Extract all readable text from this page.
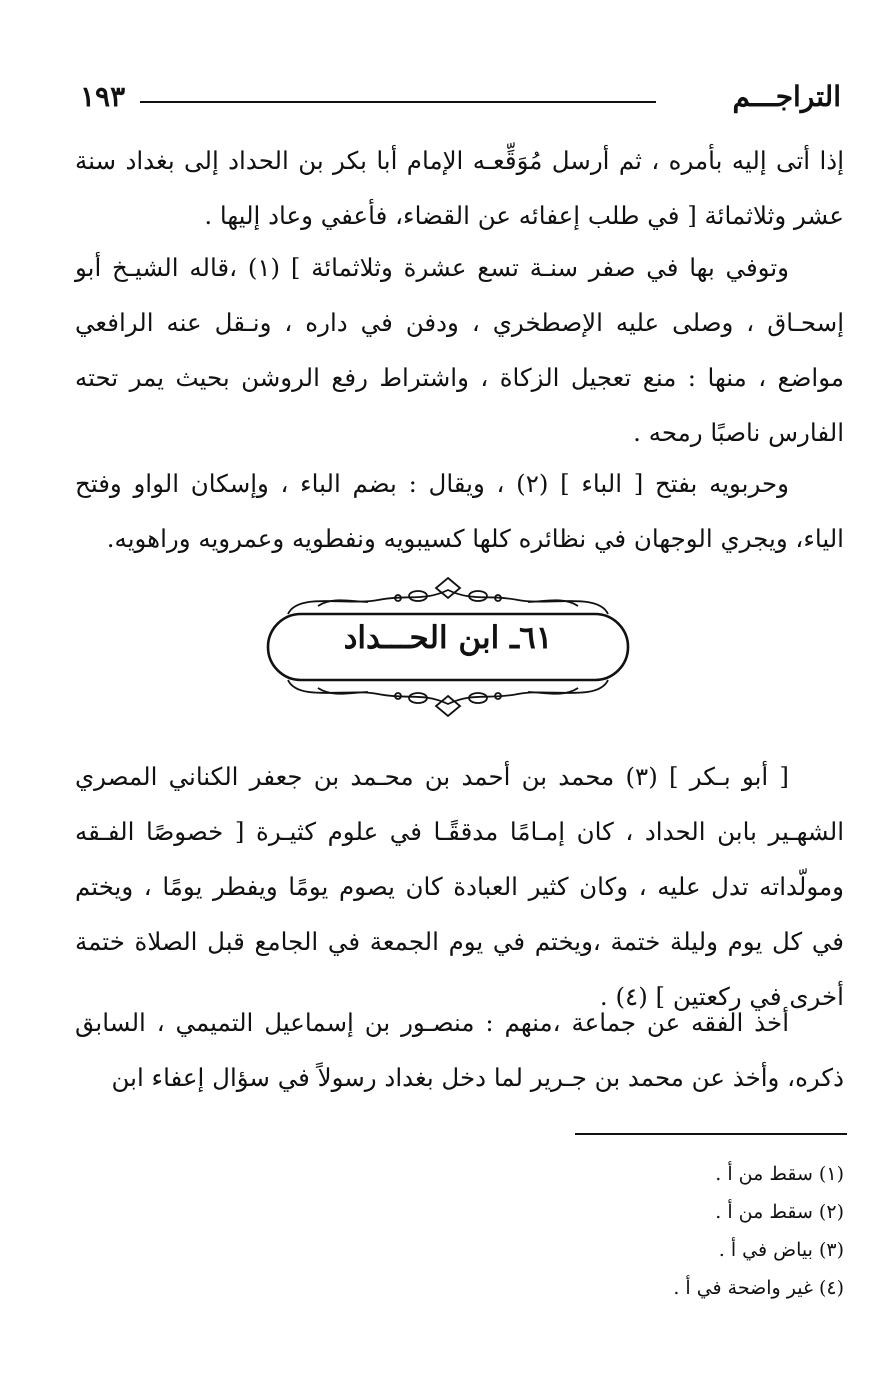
التراجـــم
١٩٣

إذا أتى إليه بأمره ، ثم أرسل مُوَقِّعـه الإمام أبا بكر بن الحداد إلى بغداد سنة عشر وثلاثمائة [ في طلب إعفائه عن القضاء، فأعفي وعاد إليها .

وتوفي بها في صفر سنـة تسع عشرة وثلاثمائة ] (١) ،قاله الشيـخ أبو إسحـاق ، وصلى عليه الإصطخري ، ودفن في داره ، ونـقل عنه الرافعي مواضع ، منها : منع تعجيل الزكاة ، واشتراط رفع الروشن بحيث يمر تحته الفارس ناصبًا رمحه .

وحربويه بفتح [ الباء ] (٢) ، ويقال : بضم الباء ، وإسكان الواو وفتح الياء، ويجري الوجهان في نظائره كلها كسيبويه ونفطويه وعمرويه وراهويه.

٦١ـ ابن الحـــداد

[ أبو بـكر ] (٣) محمد بن أحمد بن محـمد بن جعفر الكناني المصري الشهـير بابن الحداد ، كان إمـامًا مدققًـا في علوم كثيـرة [ خصوصًا الفـقه ومولّداته تدل عليه ، وكان كثير العبادة كان يصوم يومًا ويفطر يومًا ، ويختم في كل يوم وليلة ختمة ،ويختم في يوم الجمعة في الجامع قبل الصلاة ختمة أخرى في ركعتين ] (٤) .

أخذ الفقه عن جماعة ،منهم : منصـور بن إسماعيل التميمي ، السابق ذكره، وأخذ عن محمد بن جـرير لما دخل بغداد رسولاً في سؤال إعفاء ابن

(١) سقط من أ .
(٢) سقط من أ .
(٣) بياض في أ .
(٤) غير واضحة في أ .
